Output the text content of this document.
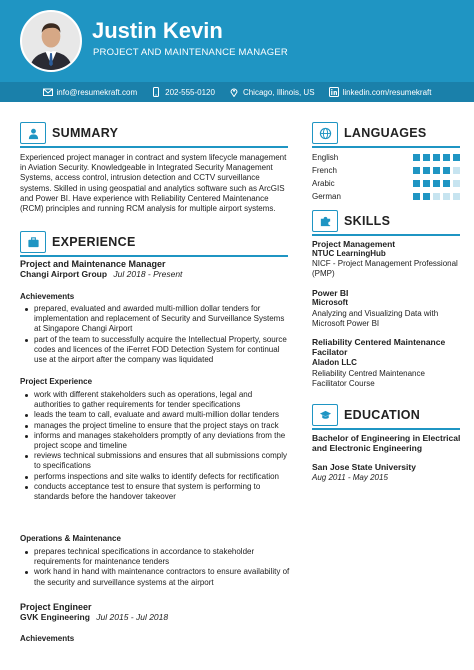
Justin Kevin
PROJECT AND MAINTENANCE MANAGER
info@resumekraft.com	202-555-0120	Chicago, Illinois, US	linkedin.com/resumekraft
SUMMARY
Experienced project manager in contract and system lifecycle management in Aviation Security. Knowledgeable in Integrated Security Management Systems, access control, intrusion detection and CCTV surveillance systems. Skilled in using geospatial and analytics software such as ArcGIS and Power BI. Have experience with Reliability Centered Maintenance (RCM) principles and running RCM analysis for multiple airport systems.
EXPERIENCE
Project and Maintenance Manager
Changi Airport Group Jul 2018 - Present
Achievements
prepared, evaluated and awarded multi-million dollar tenders for implementation and replacement of Security and Surveillance Systems at Singapore Changi Airport
part of the team to successfully acquire the Intellectual Property, source codes and licences of the iFerret FOD Detection System for continual use at the airport after the company was liquidated
Project Experience
work with different stakeholders such as operations, legal and authorities to gather requirements for tender specifications
leads the team to call, evaluate and award multi-million dollar tenders
manages the project timeline to ensure that the project stays on track
informs and manages stakeholders promptly of any deviations from the project scope and timeline
reviews technical submissions and ensures that all submissions comply to specifications
performs inspections and site walks to identify defects for rectification
conducts acceptance test to ensure that system is performing to standards before the handover takeover
Operations & Maintenance
prepares technical specifications in accordance to stakeholder requirements for maintenance tenders
work hand in hand with maintenance contractors to ensure availability of the security and surveillance systems at the airport
Project Engineer
GVK Engineering Jul 2015 - Jul 2018
Achievements
LANGUAGES
English
French
Arabic
German
SKILLS
Project Management
NTUC LearningHub
NICF - Project Management Professional (PMP)
Power BI
Microsoft
Analyzing and Visualizing Data with Microsoft Power BI
Reliability Centered Maintenance Facilator
Aladon LLC
Reliability Centred Maintenance Facilitator Course
EDUCATION
Bachelor of Engineering in Electrical and Electronic Engineering
San Jose State University
Aug 2011 - May 2015
